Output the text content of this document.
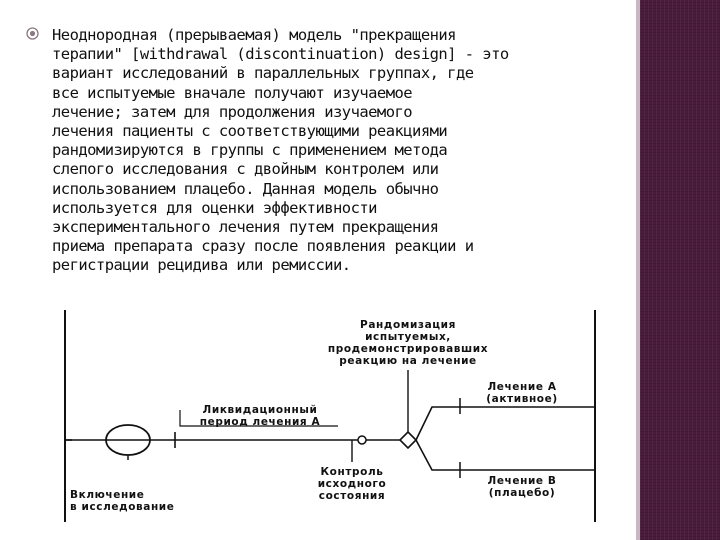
Неоднородная (прерываемая) модель "прекращения
терапии" [withdrawal (discontinuation) design] - это
вариант исследований в параллельных группах, где
все испытуемые вначале получают изучаемое
лечение; затем для продолжения изучаемого
лечения пациенты с соответствующими реакциями
рандомизируются в группы с применением метода
слепого исследования с двойным контролем или
использованием плацебо. Данная модель обычно
используется для оценки эффективности
экспериментального лечения путем прекращения
приема препарата сразу после появления реакции и
регистрации рецидива или ремиссии.
Рандомизация
испытуемых,
продемонстрировавших
реакцию на лечение
Ликвидационный
период лечения А
Контроль
исходного
состояния
Включение
в исследование
Лечение А
(активное)
Лечение В
(плацебо)
